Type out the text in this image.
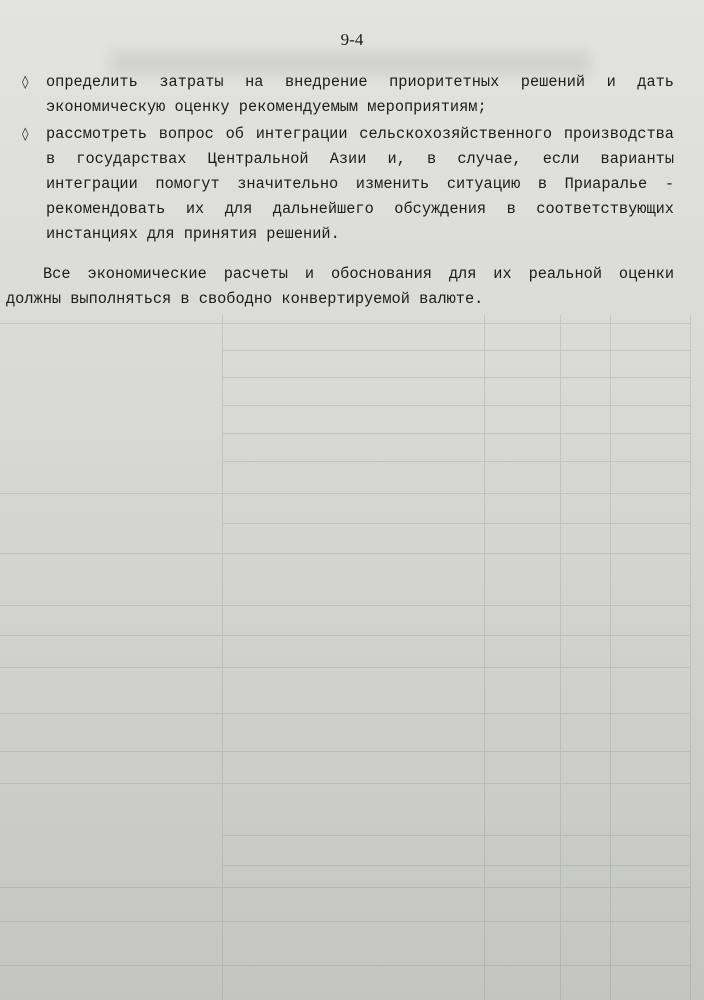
9-4
◊ определить затраты на внедрение приоритетных решений и дать экономическую оценку рекомендуемым мероприятиям;
◊ рассмотреть вопрос об интеграции сельскохозяйственного производства в государствах Центральной Азии и, в случае, если варианты интеграции помогут значительно изменить ситуацию в Приаралье - рекомендовать их для дальнейшего обсуждения в соответствующих инстанциях для принятия решений.
Все экономические расчеты и обоснования для их реальной оценки должны выполняться в свободно конвертируемой валюте.
